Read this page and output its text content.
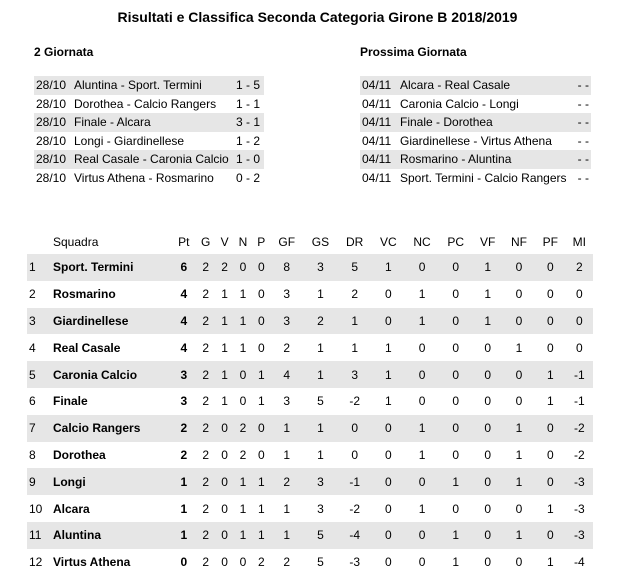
Risultati e Classifica Seconda Categoria Girone B 2018/2019
2 Giornata	Prossima Giornata
28/10	Aluntina - Sport. Termini	1 - 5
28/10	Dorothea - Calcio Rangers	1 - 1
28/10	Finale - Alcara	3 - 1
28/10	Longi - Giardinellese	1 - 2
28/10	Real Casale - Caronia Calcio	1 - 0
28/10	Virtus Athena - Rosmarino	0 - 2
04/11	Alcara - Real Casale	- -
04/11	Caronia Calcio - Longi	- -
04/11	Finale - Dorothea	- -
04/11	Giardinellese - Virtus Athena	- -
04/11	Rosmarino - Aluntina	- -
04/11	Sport. Termini - Calcio Rangers	- -
	Squadra	Pt	G	V	N	P	GF	GS	DR	VC	NC	PC	VF	NF	PF	MI
1	Sport. Termini	6	2	2	0	0	8	3	5	1	0	0	1	0	0	2
2	Rosmarino	4	2	1	1	0	3	1	2	0	1	0	1	0	0	0
3	Giardinellese	4	2	1	1	0	3	2	1	0	1	0	1	0	0	0
4	Real Casale	4	2	1	1	0	2	1	1	1	0	0	0	1	0	0
5	Caronia Calcio	3	2	1	0	1	4	1	3	1	0	0	0	0	1	-1
6	Finale	3	2	1	0	1	3	5	-2	1	0	0	0	0	1	-1
7	Calcio Rangers	2	2	0	2	0	1	1	0	0	1	0	0	1	0	-2
8	Dorothea	2	2	0	2	0	1	1	0	0	1	0	0	1	0	-2
9	Longi	1	2	0	1	1	2	3	-1	0	0	1	0	1	0	-3
10	Alcara	1	2	0	1	1	1	3	-2	0	1	0	0	0	1	-3
11	Aluntina	1	2	0	1	1	1	5	-4	0	0	1	0	1	0	-3
12	Virtus Athena	0	2	0	0	2	2	5	-3	0	0	1	0	0	1	-4
